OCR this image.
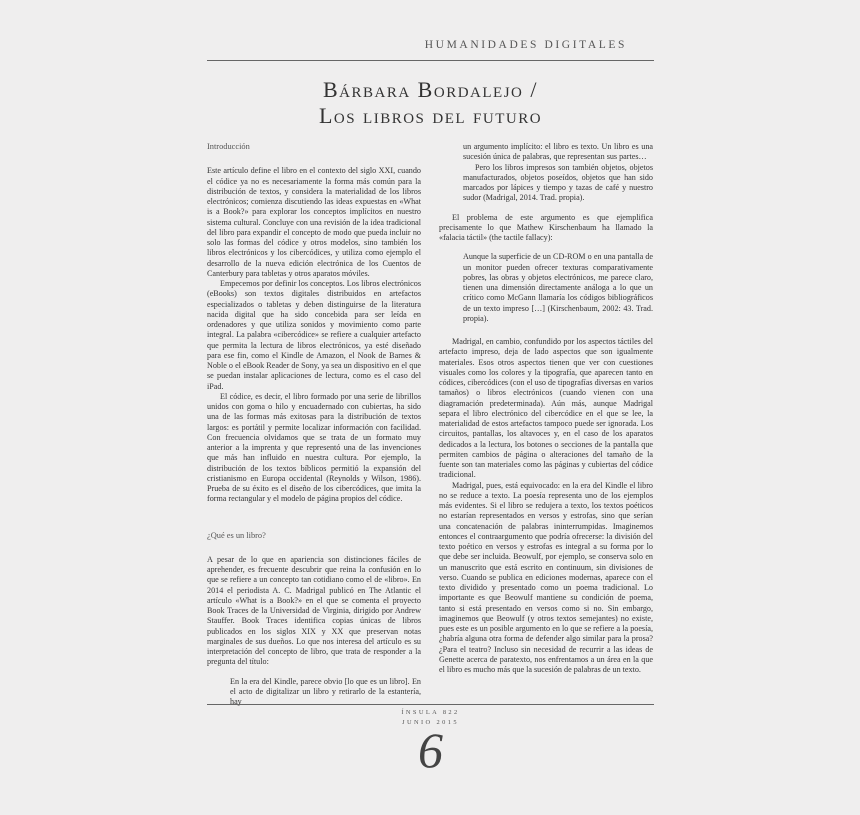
HUMANIDADES DIGITALES
Bárbara Bordalejo /
Los libros del futuro
Introducción

Este artículo define el libro en el contexto del siglo XXI, cuando el códice ya no es necesariamente la forma más común para la distribución de textos, y considera la materialidad de los libros electrónicos; comienza discutiendo las ideas expuestas en «What is a Book?» para explorar los conceptos implícitos en nuestro sistema cultural. Concluye con una revisión de la idea tradicional del libro para expandir el concepto de modo que pueda incluir no solo las formas del códice y otros modelos, sino también los libros electrónicos y los cibercódices, y utiliza como ejemplo el desarrollo de la nueva edición electrónica de los Cuentos de Canterbury para tabletas y otros aparatos móviles.

Empecemos por definir los conceptos. Los libros electrónicos (eBooks) son textos digitales distribuidos en artefactos especializados o tabletas y deben distinguirse de la literatura nacida digital que ha sido concebida para ser leída en ordenadores y que utiliza sonidos y movimiento como parte integral. La palabra «cibercódice» se refiere a cualquier artefacto que permita la lectura de libros electrónicos, ya esté diseñado para ese fin, como el Kindle de Amazon, el Nook de Barnes & Noble o el eBook Reader de Sony, ya sea un dispositivo en el que se puedan instalar aplicaciones de lectura, como es el caso del iPad.

El códice, es decir, el libro formado por una serie de librillos unidos con goma o hilo y encuadernado con cubiertas, ha sido una de las formas más exitosas para la distribución de textos largos: es portátil y permite localizar información con facilidad. Con frecuencia olvidamos que se trata de un formato muy anterior a la imprenta y que representó una de las invenciones que más han influido en nuestra cultura. Por ejemplo, la distribución de los textos bíblicos permitió la expansión del cristianismo en Europa occidental (Reynolds y Wilson, 1986). Prueba de su éxito es el diseño de los cibercódices, que imita la forma rectangular y el modelo de página propios del códice.

¿Qué es un libro?

A pesar de lo que en apariencia son distinciones fáciles de aprehender, es frecuente descubrir que reina la confusión en lo que se refiere a un concepto tan cotidiano como el de «libro». En 2014 el periodista A. C. Madrigal publicó en The Atlantic el artículo «What is a Book?» en el que se comenta el proyecto Book Traces de la Universidad de Virginia, dirigido por Andrew Stauffer. Book Traces identifica copias únicas de libros publicados en los siglos XIX y XX que preservan notas marginales de sus dueños. Lo que nos interesa del artículo es su interpretación del concepto de libro, que trata de responder a la pregunta del título:

En la era del Kindle, parece obvio [lo que es un libro]. En el acto de digitalizar un libro y retirarlo de la estantería, hay
un argumento implícito: el libro es texto. Un libro es una sucesión única de palabras, que representan sus partes…
Pero los libros impresos son también objetos, objetos manufacturados, objetos poseídos, objetos que han sido marcados por lápices y tiempo y tazas de café y nuestro sudor (Madrigal, 2014. Trad. propia).

El problema de este argumento es que ejemplifica precisamente lo que Mathew Kirschenbaum ha llamado la «falacia táctil» (the tactile fallacy):

Aunque la superficie de un CD-ROM o en una pantalla de un monitor pueden ofrecer texturas comparativamente pobres, las obras y objetos electrónicos, me parece claro, tienen una dimensión directamente análoga a lo que un crítico como McGann llamaría los códigos bibliográficos de un texto impreso […] (Kirschenbaum, 2002: 43. Trad. propia).

Madrigal, en cambio, confundido por los aspectos táctiles del artefacto impreso, deja de lado aspectos que son igualmente materiales. Esos otros aspectos tienen que ver con cuestiones visuales como los colores y la tipografía, que aparecen tanto en códices, cibercódices (con el uso de tipografías diversas en varios tamaños) o libros electrónicos (cuando vienen con una diagramación predeterminada). Aún más, aunque Madrigal separa el libro electrónico del cibercódice en el que se lee, la materialidad de estos artefactos tampoco puede ser ignorada. Los circuitos, pantallas, los altavoces y, en el caso de los aparatos dedicados a la lectura, los botones o secciones de la pantalla que permiten cambios de página o alteraciones del tamaño de la fuente son tan materiales como las páginas y cubiertas del códice tradicional.

Madrigal, pues, está equivocado: en la era del Kindle el libro no se reduce a texto. La poesía representa uno de los ejemplos más evidentes. Si el libro se redujera a texto, los textos poéticos no estarían representados en versos y estrofas, sino que serían una concatenación de palabras ininterrumpidas. Imaginemos entonces el contraargumento que podría ofrecerse: la división del texto poético en versos y estrofas es integral a su forma por lo que debe ser incluida. Beowulf, por ejemplo, se conserva solo en un manuscrito que está escrito en continuum, sin divisiones de verso. Cuando se publica en ediciones modernas, aparece con el texto dividido y presentado como un poema tradicional. Lo importante es que Beowulf mantiene su condición de poema, tanto si está presentado en versos como si no. Sin embargo, imaginemos que Beowulf (y otros textos semejantes) no existe, pues este es un posible argumento en lo que se refiere a la poesía, ¿habría alguna otra forma de defender algo similar para la prosa? ¿Para el teatro? Incluso sin necesidad de recurrir a las ideas de Genette acerca de paratexto, nos enfrentamos a un área en la que el libro es mucho más que la sucesión de palabras de un texto.

ÍNSULA 822
JUNIO 2015
6
